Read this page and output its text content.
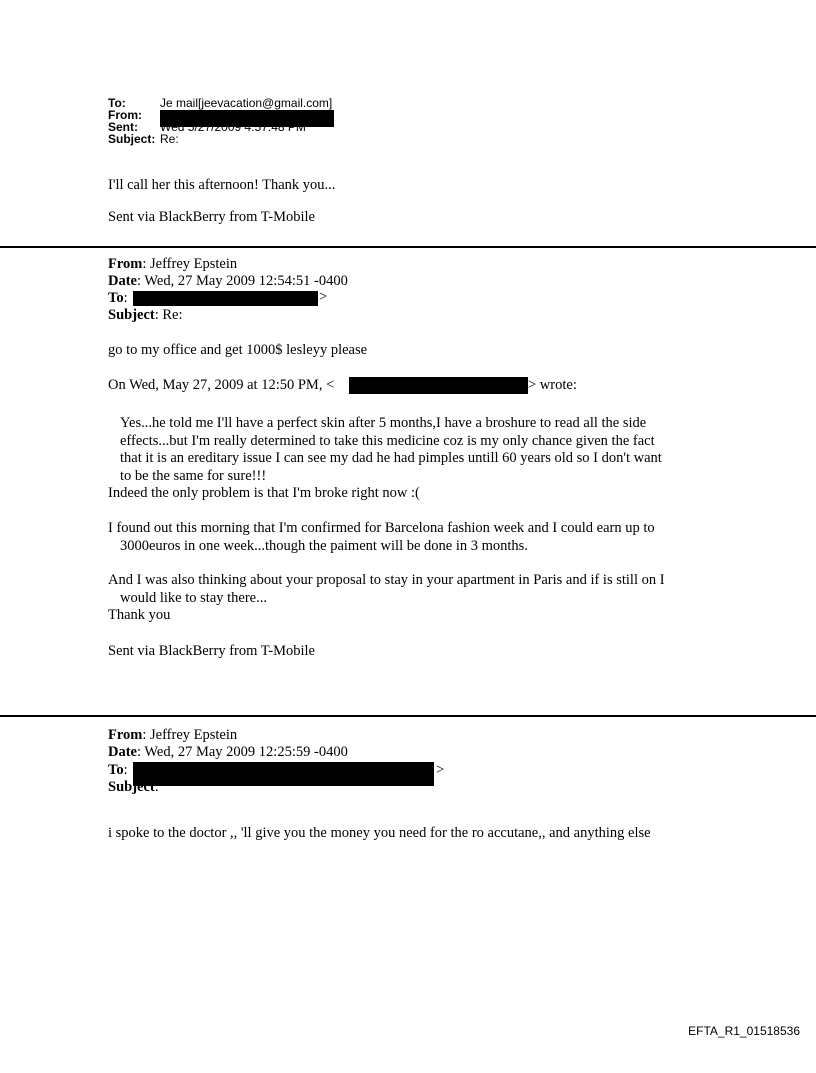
To:	Je mail[jeevacation@gmail.com]
From:
Sent: Wed 5/27/2009 4:57:48 PM
Subject: Re:
I'll call her this afternoon! Thank you...
Sent via BlackBerry from T-Mobile
From: Jeffrey Epstein
Date: Wed, 27 May 2009 12:54:51 -0400
To:	>
Subject: Re:
go to my office and get 1000$ lesleyy please
On Wed, May 27, 2009 at 12:50 PM, <	> wrote:
Yes...he told me I'll have a perfect skin after 5 months,I have a broshure to read all the side
effects...but I'm really determined to take this medicine coz is my only chance given the fact
that it is an ereditary issue I can see my dad he had pimples untill 60 years old so I don't want
to be the same for sure!!!
Indeed the only problem is that I'm broke right now :(
I found out this morning that I'm confirmed for Barcelona fashion week and I could earn up to
3000euros in one week...though the paiment will be done in 3 months.
And I was also thinking about your proposal to stay in your apartment in Paris and if is still on I
would like to stay there...
Thank you
Sent via BlackBerry from T-Mobile
From: Jeffrey Epstein
Date: Wed, 27 May 2009 12:25:59 -0400
To:	>
Subject:
i spoke to the doctor ,, 'll give you the money you need for the ro accutane,, and anything else
EFTA_R1_01518536
